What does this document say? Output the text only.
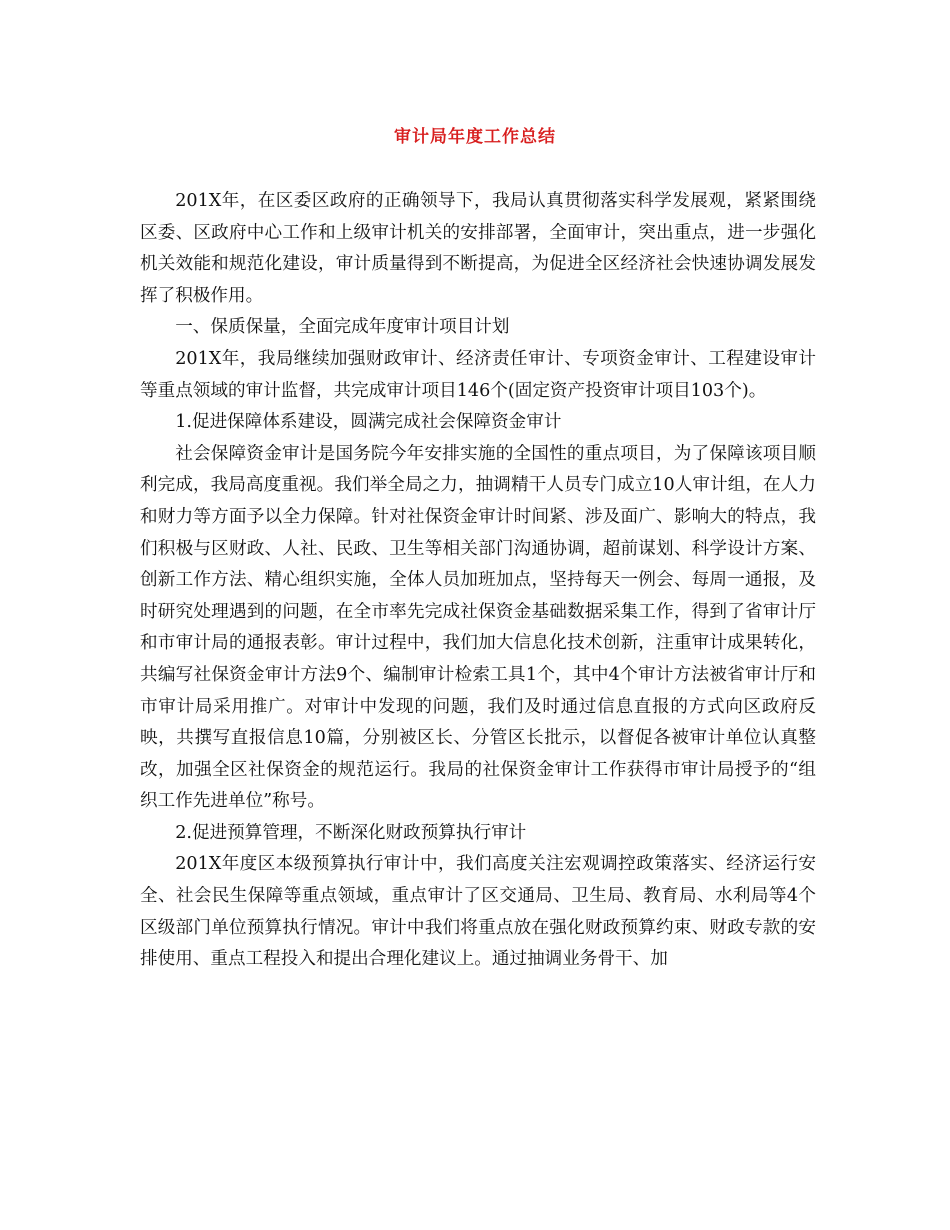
审计局年度工作总结

201X年，在区委区政府的正确领导下，我局认真贯彻落实科学发展观，紧紧围绕区委、区政府中心工作和上级审计机关的安排部署，全面审计，突出重点，进一步强化机关效能和规范化建设，审计质量得到不断提高，为促进全区经济社会快速协调发展发挥了积极作用。

一、保质保量，全面完成年度审计项目计划

201X年，我局继续加强财政审计、经济责任审计、专项资金审计、工程建设审计等重点领域的审计监督，共完成审计项目146个(固定资产投资审计项目103个)。

1.促进保障体系建设，圆满完成社会保障资金审计

社会保障资金审计是国务院今年安排实施的全国性的重点项目，为了保障该项目顺利完成，我局高度重视。我们举全局之力，抽调精干人员专门成立10人审计组，在人力和财力等方面予以全力保障。针对社保资金审计时间紧、涉及面广、影响大的特点，我们积极与区财政、人社、民政、卫生等相关部门沟通协调，超前谋划、科学设计方案、创新工作方法、精心组织实施，全体人员加班加点，坚持每天一例会、每周一通报，及时研究处理遇到的问题，在全市率先完成社保资金基础数据采集工作，得到了省审计厅和市审计局的通报表彰。审计过程中，我们加大信息化技术创新，注重审计成果转化，共编写社保资金审计方法9个、编制审计检索工具1个，其中4个审计方法被省审计厅和市审计局采用推广。对审计中发现的问题，我们及时通过信息直报的方式向区政府反映，共撰写直报信息10篇，分别被区长、分管区长批示，以督促各被审计单位认真整改，加强全区社保资金的规范运行。我局的社保资金审计工作获得市审计局授予的“组织工作先进单位”称号。

2.促进预算管理，不断深化财政预算执行审计

201X年度区本级预算执行审计中，我们高度关注宏观调控政策落实、经济运行安全、社会民生保障等重点领域，重点审计了区交通局、卫生局、教育局、水利局等4个区级部门单位预算执行情况。审计中我们将重点放在强化财政预算约束、财政专款的安排使用、重点工程投入和提出合理化建议上。通过抽调业务骨干、加
